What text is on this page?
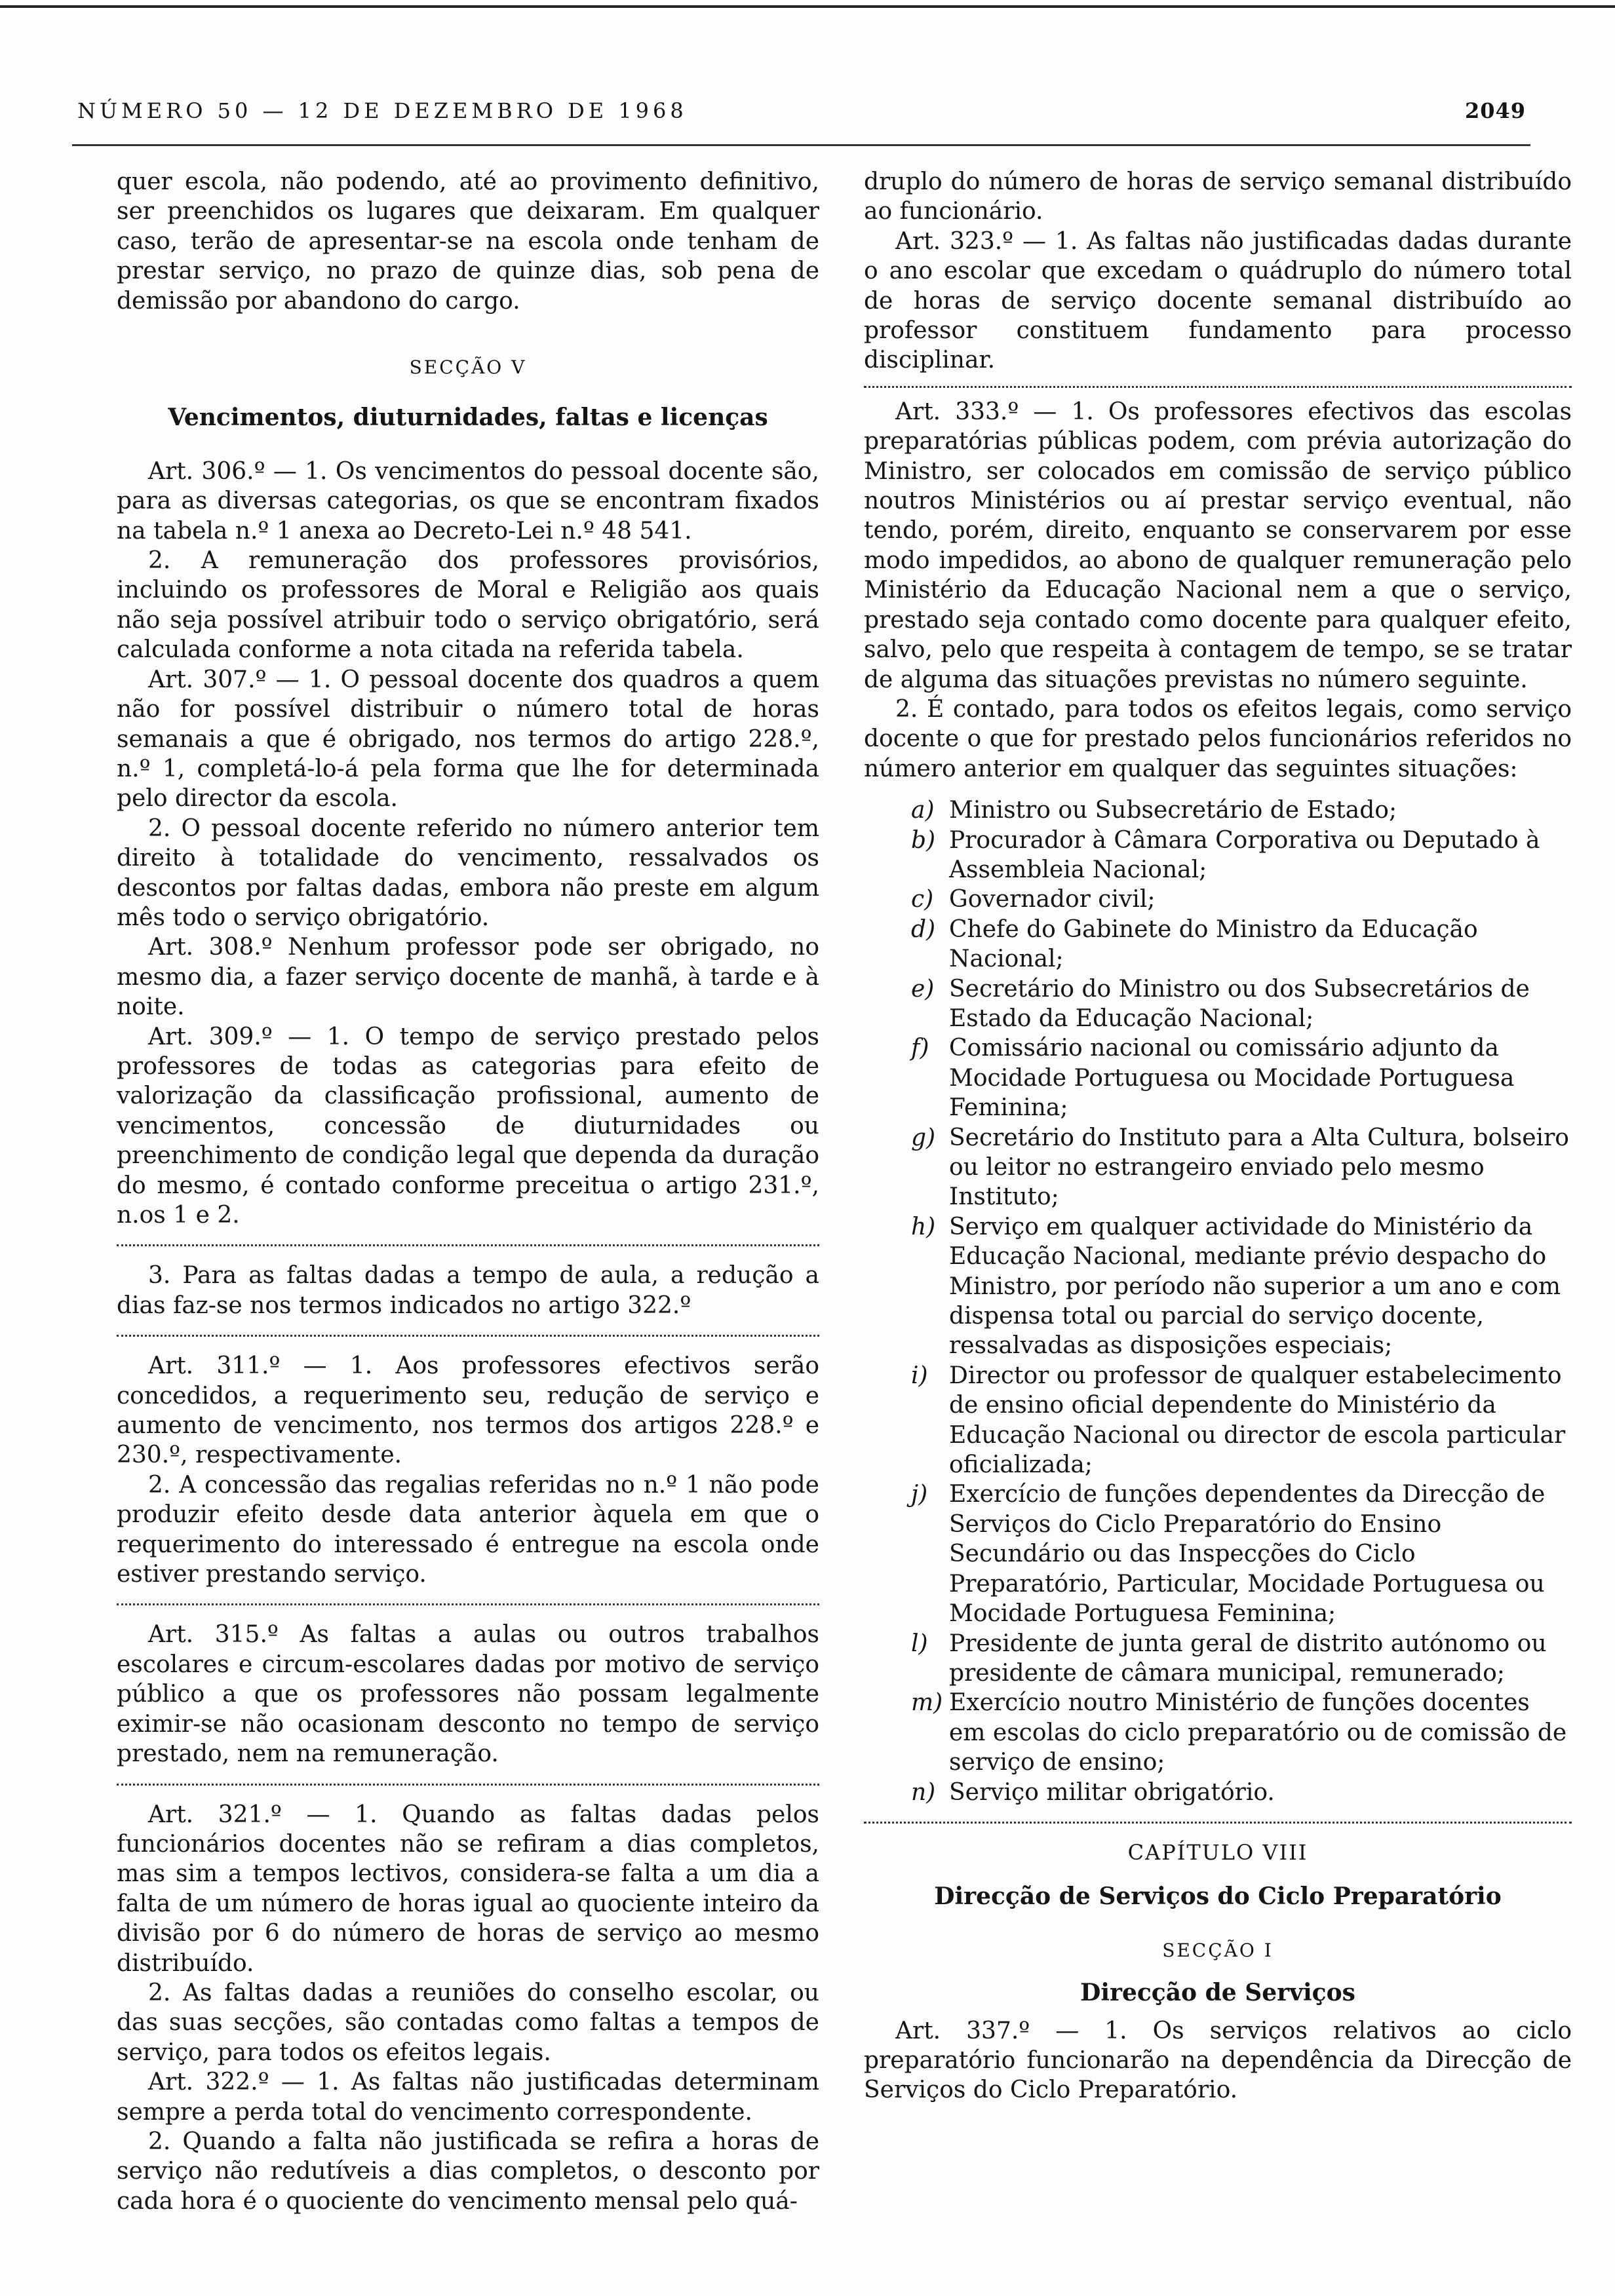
NÚMERO 50 — 12 DE DEZEMBRO DE 1968	2049

quer escola, não podendo, até ao provimento definitivo, ser preenchidos os lugares que deixaram. Em qualquer caso, terão de apresentar-se na escola onde tenham de prestar serviço, no prazo de quinze dias, sob pena de demissão por abandono do cargo.

SECÇÃO V
Vencimentos, diuturnidades, faltas e licenças

Art. 306.º — 1. Os vencimentos do pessoal docente são, para as diversas categorias, os que se encontram fixados na tabela n.º 1 anexa ao Decreto-Lei n.º 48 541.

2. A remuneração dos professores provisórios, incluindo os professores de Moral e Religião aos quais não seja possível atribuir todo o serviço obrigatório, será calculada conforme a nota citada na referida tabela.

Art. 307.º — 1. O pessoal docente dos quadros a quem não for possível distribuir o número total de horas semanais a que é obrigado, nos termos do artigo 228.º, n.º 1, completá-lo-á pela forma que lhe for determinada pelo director da escola.

2. O pessoal docente referido no número anterior tem direito à totalidade do vencimento, ressalvados os descontos por faltas dadas, embora não preste em algum mês todo o serviço obrigatório.

Art. 308.º Nenhum professor pode ser obrigado, no mesmo dia, a fazer serviço docente de manhã, à tarde e à noite.

Art. 309.º — 1. O tempo de serviço prestado pelos professores de todas as categorias para efeito de valorização da classificação profissional, aumento de vencimentos, concessão de diuturnidades ou preenchimento de condição legal que dependa da duração do mesmo, é contado conforme preceitua o artigo 231.º, n.os 1 e 2.

3. Para as faltas dadas a tempo de aula, a redução a dias faz-se nos termos indicados no artigo 322.º

Art. 311.º — 1. Aos professores efectivos serão concedidos, a requerimento seu, redução de serviço e aumento de vencimento, nos termos dos artigos 228.º e 230.º, respectivamente.

2. A concessão das regalias referidas no n.º 1 não pode produzir efeito desde data anterior àquela em que o requerimento do interessado é entregue na escola onde estiver prestando serviço.

Art. 315.º As faltas a aulas ou outros trabalhos escolares e circum-escolares dadas por motivo de serviço público a que os professores não possam legalmente eximir-se não ocasionam desconto no tempo de serviço prestado, nem na remuneração.

Art. 321.º — 1. Quando as faltas dadas pelos funcionários docentes não se refiram a dias completos, mas sim a tempos lectivos, considera-se falta a um dia a falta de um número de horas igual ao quociente inteiro da divisão por 6 do número de horas de serviço ao mesmo distribuído.

2. As faltas dadas a reuniões do conselho escolar, ou das suas secções, são contadas como faltas a tempos de serviço, para todos os efeitos legais.

Art. 322.º — 1. As faltas não justificadas determinam sempre a perda total do vencimento correspondente.

2. Quando a falta não justificada se refira a horas de serviço não redutíveis a dias completos, o desconto por cada hora é o quociente do vencimento mensal pelo quá-

druplo do número de horas de serviço semanal distribuído ao funcionário.

Art. 323.º — 1. As faltas não justificadas dadas durante o ano escolar que excedam o quádruplo do número total de horas de serviço docente semanal distribuído ao professor constituem fundamento para processo disciplinar.

Art. 333.º — 1. Os professores efectivos das escolas preparatórias públicas podem, com prévia autorização do Ministro, ser colocados em comissão de serviço público noutros Ministérios ou aí prestar serviço eventual, não tendo, porém, direito, enquanto se conservarem por esse modo impedidos, ao abono de qualquer remuneração pelo Ministério da Educação Nacional nem a que o serviço, prestado seja contado como docente para qualquer efeito, salvo, pelo que respeita à contagem de tempo, se se tratar de alguma das situações previstas no número seguinte.

2. É contado, para todos os efeitos legais, como serviço docente o que for prestado pelos funcionários referidos no número anterior em qualquer das seguintes situações:

a) Ministro ou Subsecretário de Estado;
b) Procurador à Câmara Corporativa ou Deputado à Assembleia Nacional;
c) Governador civil;
d) Chefe do Gabinete do Ministro da Educação Nacional;
e) Secretário do Ministro ou dos Subsecretários de Estado da Educação Nacional;
f) Comissário nacional ou comissário adjunto da Mocidade Portuguesa ou Mocidade Portuguesa Feminina;
g) Secretário do Instituto para a Alta Cultura, bolseiro ou leitor no estrangeiro enviado pelo mesmo Instituto;
h) Serviço em qualquer actividade do Ministério da Educação Nacional, mediante prévio despacho do Ministro, por período não superior a um ano e com dispensa total ou parcial do serviço docente, ressalvadas as disposições especiais;
i) Director ou professor de qualquer estabelecimento de ensino oficial dependente do Ministério da Educação Nacional ou director de escola particular oficializada;
j) Exercício de funções dependentes da Direcção de Serviços do Ciclo Preparatório do Ensino Secundário ou das Inspecções do Ciclo Preparatório, Particular, Mocidade Portuguesa ou Mocidade Portuguesa Feminina;
l) Presidente de junta geral de distrito autónomo ou presidente de câmara municipal, remunerado;
m) Exercício noutro Ministério de funções docentes em escolas do ciclo preparatório ou de comissão de serviço de ensino;
n) Serviço militar obrigatório.
CAPÍTULO VIII
Direcção de Serviços do Ciclo Preparatório
SECÇÃO I
Direcção de Serviços

Art. 337.º — 1. Os serviços relativos ao ciclo preparatório funcionarão na dependência da Direcção de Serviços do Ciclo Preparatório.
